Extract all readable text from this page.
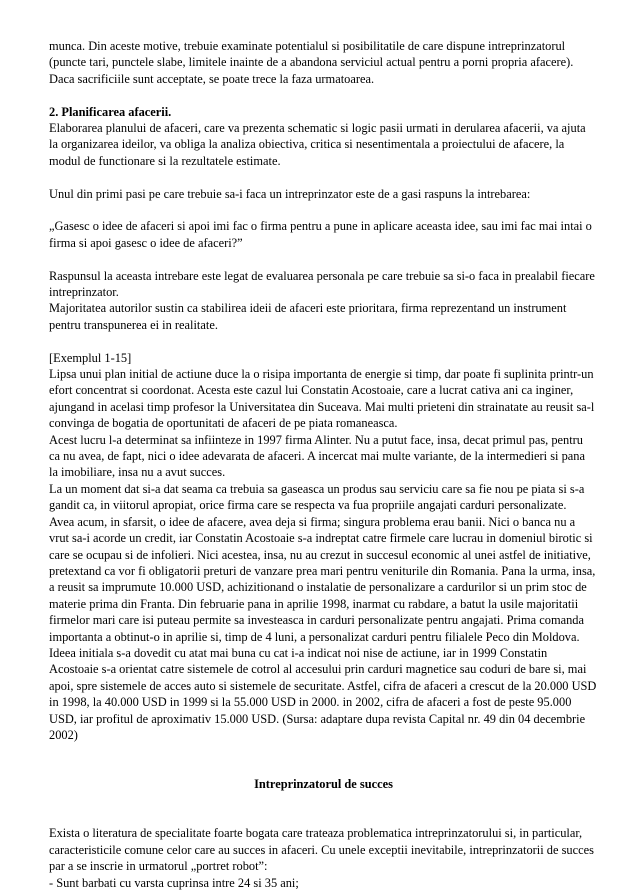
munca. Din aceste motive, trebuie examinate potentialul si posibilitatile de care dispune intreprinzatorul

(puncte tari, punctele slabe, limitele inainte de a abandona serviciul actual pentru a porni propria afacere).

Daca sacrificiile sunt acceptate, se poate trece la faza urmatoarea.

2. Planificarea afacerii.

Elaborarea planului de afaceri, care va prezenta schematic si logic pasii urmati in derularea afacerii, va ajuta

la organizarea ideilor, va obliga la analiza obiectiva, critica si nesentimentala a proiectului de afacere, la

modul de functionare si la rezultatele estimate.

Unul din primi pasi pe care trebuie sa-i faca un intreprinzator este de a gasi raspuns la intrebarea:

„Gasesc o idee de afaceri si apoi imi fac o firma pentru a pune in aplicare aceasta idee, sau imi fac mai intai o

firma si apoi gasesc o idee de afaceri?”

Raspunsul la aceasta intrebare este legat de evaluarea personala pe care trebuie sa si-o faca in prealabil fiecare

intreprinzator.

Majoritatea autorilor sustin ca stabilirea ideii de afaceri este prioritara, firma reprezentand un instrument

pentru transpunerea ei in realitate.

[Exemplul 1-15]

Lipsa unui plan initial de actiune duce la o risipa importanta de energie si timp, dar poate fi suplinita printr-un

efort concentrat si coordonat. Acesta este cazul lui Constatin Acostoaie, care a lucrat cativa ani ca inginer,

ajungand in acelasi timp profesor la Universitatea din Suceava. Mai multi prieteni din strainatate au reusit sa-l

convinga de bogatia de oportunitati de afaceri de pe piata romaneasca.

Acest lucru l-a determinat sa infiinteze in 1997 firma Alinter. Nu a putut face, insa, decat primul pas, pentru

ca nu avea, de fapt, nici o idee adevarata de afaceri. A incercat mai multe variante, de la intermedieri si pana

la imobiliare, insa nu a avut succes.

La un moment dat si-a dat seama ca trebuia sa gaseasca un produs sau serviciu care sa fie nou pe piata si s-a

gandit ca, in viitorul apropiat, orice firma care se respecta va fua propriile angajati carduri personalizate.

Avea acum, in sfarsit, o idee de afacere, avea deja si firma; singura problema erau banii. Nici o banca nu a

vrut sa-i acorde un credit, iar Constatin Acostoaie s-a indreptat catre firmele care lucrau in domeniul birotic si

care se ocupau si de infolieri. Nici acestea, insa, nu au crezut in succesul economic al unei astfel de initiative,

pretextand ca vor fi obligatorii preturi de vanzare prea mari pentru veniturile din Romania. Pana la urma, insa,

a reusit sa imprumute 10.000 USD, achizitionand o instalatie de personalizare a cardurilor si un prim stoc de

materie prima din Franta. Din februarie pana in aprilie 1998, inarmat cu rabdare, a batut la usile majoritatii

firmelor mari care isi puteau permite sa investeasca in carduri personalizate pentru angajati. Prima comanda

importanta a obtinut-o in aprilie si, timp de 4 luni, a personalizat carduri pentru filialele Peco din Moldova.

Ideea initiala s-a dovedit cu atat mai buna cu cat i-a indicat noi nise de actiune, iar in 1999 Constatin

Acostoaie s-a orientat catre sistemele de cotrol al accesului prin carduri magnetice sau coduri de bare si, mai

apoi, spre sistemele de acces auto si sistemele de securitate. Astfel, cifra de afaceri a crescut de la 20.000 USD

in 1998, la 40.000 USD in 1999 si la 55.000 USD in 2000. in 2002, cifra de afaceri a fost de peste 95.000

USD, iar profitul de aproximativ 15.000 USD. (Sursa: adaptare dupa revista Capital nr. 49 din 04 decembrie

2002)

Intreprinzatorul de succes

Exista o literatura de specialitate foarte bogata care trateaza problematica intreprinzatorului si, in particular,

caracteristicile comune celor care au succes in afaceri. Cu unele exceptii inevitabile, intreprinzatorii de succes

par a se inscrie in urmatorul „portret robot”:

- Sunt barbati cu varsta cuprinsa intre 24 si 35 ani;
